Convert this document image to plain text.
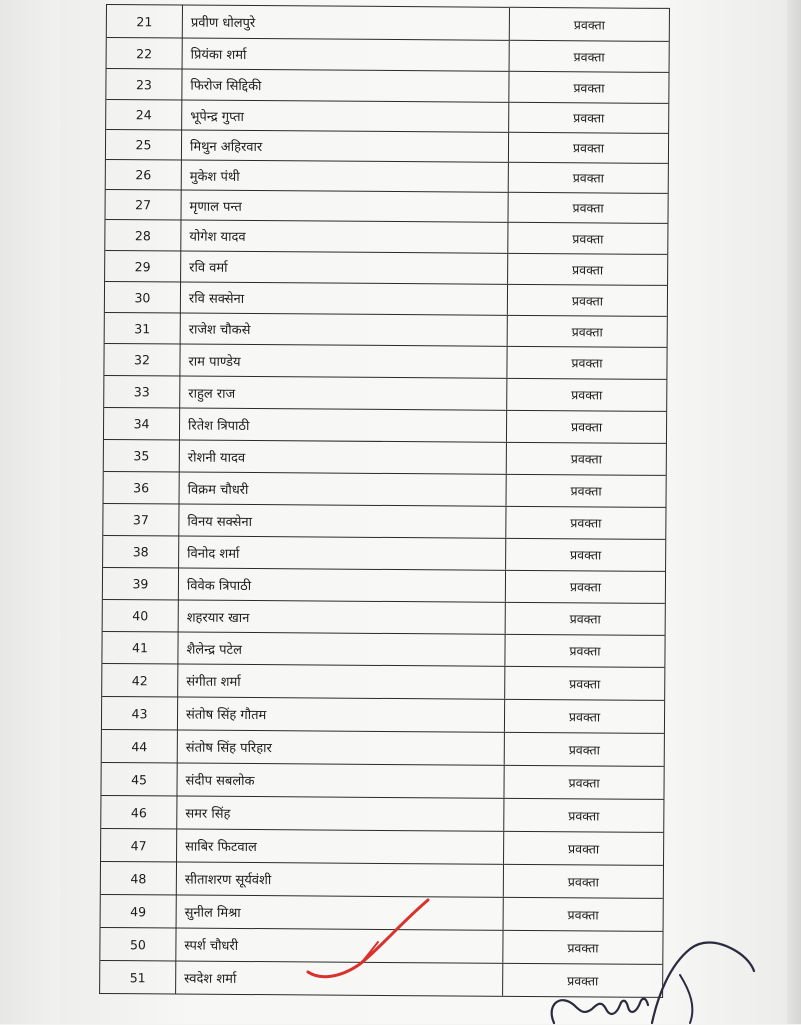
21	प्रवीण धोलपुरे	प्रवक्ता
22	प्रियंका शर्मा	प्रवक्ता
23	फिरोज सिद्दिकी	प्रवक्ता
24	भूपेन्द्र गुप्ता	प्रवक्ता
25	मिथुन अहिरवार	प्रवक्ता
26	मुकेश पंथी	प्रवक्ता
27	मृणाल पन्त	प्रवक्ता
28	योगेश यादव	प्रवक्ता
29	रवि वर्मा	प्रवक्ता
30	रवि सक्सेना	प्रवक्ता
31	राजेश चौकसे	प्रवक्ता
32	राम पाण्डेय	प्रवक्ता
33	राहुल राज	प्रवक्ता
34	रितेश त्रिपाठी	प्रवक्ता
35	रोशनी यादव	प्रवक्ता
36	विक्रम चौधरी	प्रवक्ता
37	विनय सक्सेना	प्रवक्ता
38	विनोद शर्मा	प्रवक्ता
39	विवेक त्रिपाठी	प्रवक्ता
40	शहरयार खान	प्रवक्ता
41	शैलेन्द्र पटेल	प्रवक्ता
42	संगीता शर्मा	प्रवक्ता
43	संतोष सिंह गौतम	प्रवक्ता
44	संतोष सिंह परिहार	प्रवक्ता
45	संदीप सबलोक	प्रवक्ता
46	समर सिंह	प्रवक्ता
47	साबिर फिटवाल	प्रवक्ता
48	सीताशरण सूर्यवंशी	प्रवक्ता
49	सुनील मिश्रा	प्रवक्ता
50	स्पर्श चौधरी	प्रवक्ता
51	स्वदेश शर्मा	प्रवक्ता
